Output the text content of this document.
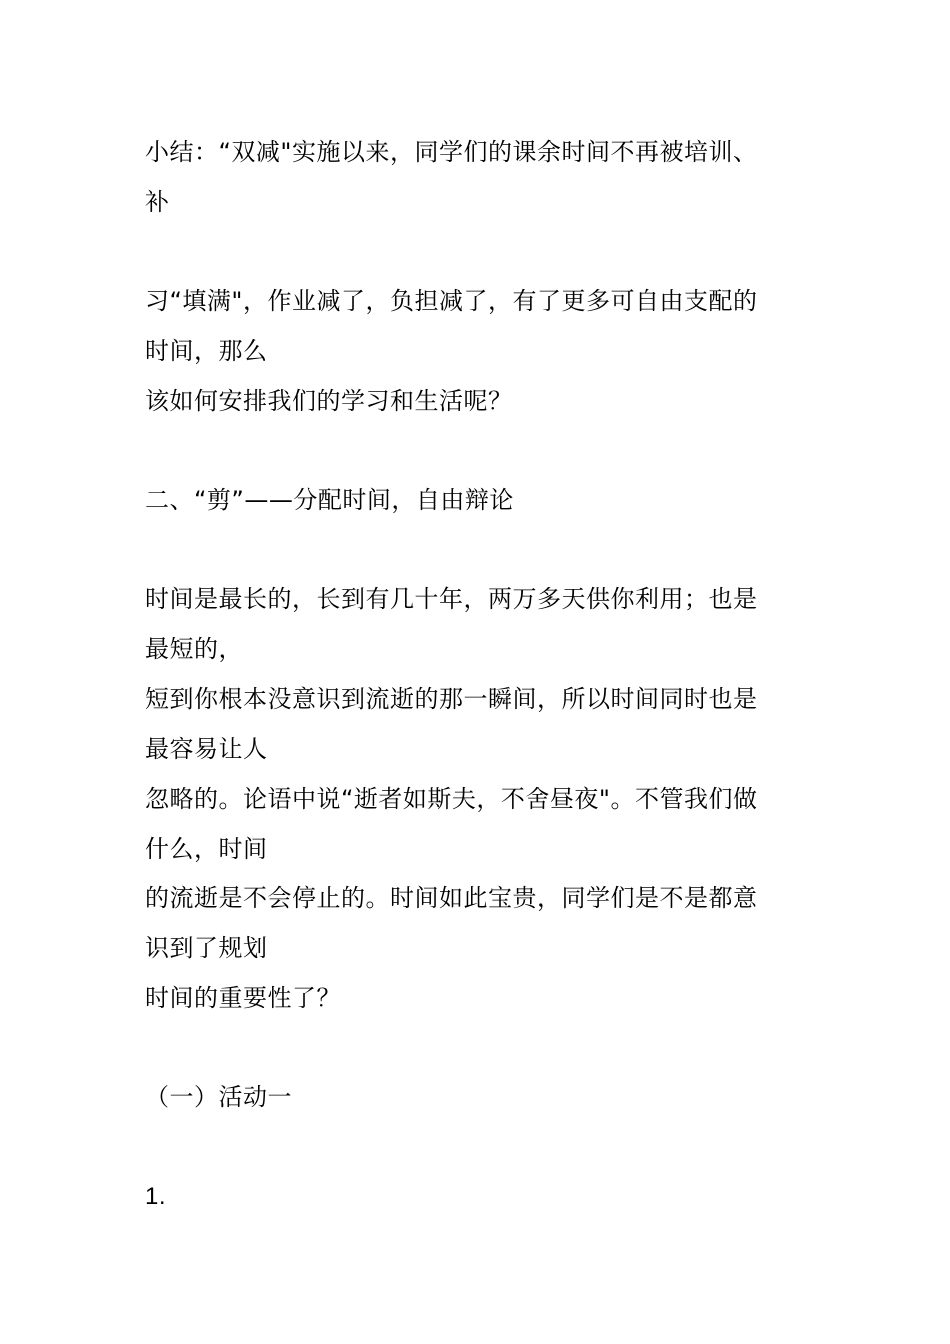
小结：“双减"实施以来，同学们的课余时间不再被培训、
补
习“填满"，作业减了，负担减了，有了更多可自由支配的
时间，那么
该如何安排我们的学习和生活呢？
二、“剪”——分配时间，自由辩论
时间是最长的，长到有几十年，两万多天供你利用；也是
最短的，
短到你根本没意识到流逝的那一瞬间，所以时间同时也是
最容易让人
忽略的。论语中说“逝者如斯夫，不舍昼夜"。不管我们做
什么，时间
的流逝是不会停止的。时间如此宝贵，同学们是不是都意
识到了规划
时间的重要性了？
（一）活动一
1.
